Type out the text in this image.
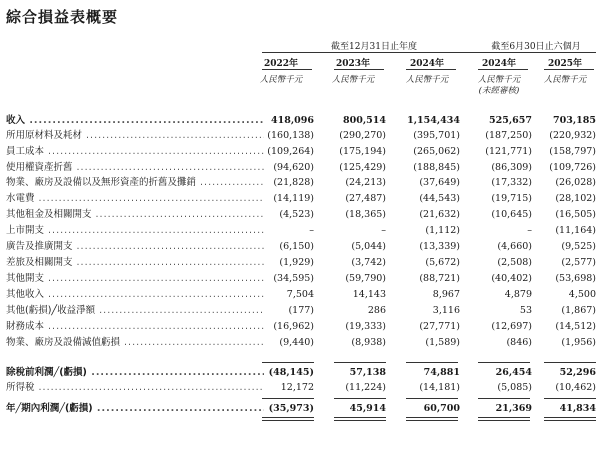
綜合損益表概要
截至12月31日止年度	截至6月30日止六個月
2022年	2023年	2024年	2024年	2025年
人民幣千元	人民幣千元	人民幣千元	人民幣千元	人民幣千元
(未經審核)
收入 .....	418,096	800,514	1,154,434	525,657	703,185
所用原材料及耗材 .....	(160,138)	(290,270)	(395,701)	(187,250)	(220,932)
員工成本 .....	(109,264)	(175,194)	(265,062)	(121,771)	(158,797)
使用權資產折舊 .....	(94,620)	(125,429)	(188,845)	(86,309)	(109,726)
物業、廠房及設備以及無形資產的折舊及攤銷 .....	(21,828)	(24,213)	(37,649)	(17,332)	(26,028)
水電費 .....	(14,119)	(27,487)	(44,543)	(19,715)	(28,102)
其他租金及相關開支 .....	(4,523)	(18,365)	(21,632)	(10,645)	(16,505)
上市開支 .....	–	–	(1,112)	–	(11,164)
廣告及推廣開支 .....	(6,150)	(5,044)	(13,339)	(4,660)	(9,525)
差旅及相關開支 .....	(1,929)	(3,742)	(5,672)	(2,508)	(2,577)
其他開支 .....	(34,595)	(59,790)	(88,721)	(40,402)	(53,698)
其他收入 .....	7,504	14,143	8,967	4,879	4,500
其他(虧損)╱收益淨額 .....	(177)	286	3,116	53	(1,867)
財務成本 .....	(16,962)	(19,333)	(27,771)	(12,697)	(14,512)
物業、廠房及設備減值虧損 .....	(9,440)	(8,938)	(1,589)	(846)	(1,956)
除稅前利潤╱(虧損) .....	(48,145)	57,138	74,881	26,454	52,296
所得稅 .....	12,172	(11,224)	(14,181)	(5,085)	(10,462)
年╱期內利潤╱(虧損) .....	(35,973)	45,914	60,700	21,369	41,834
